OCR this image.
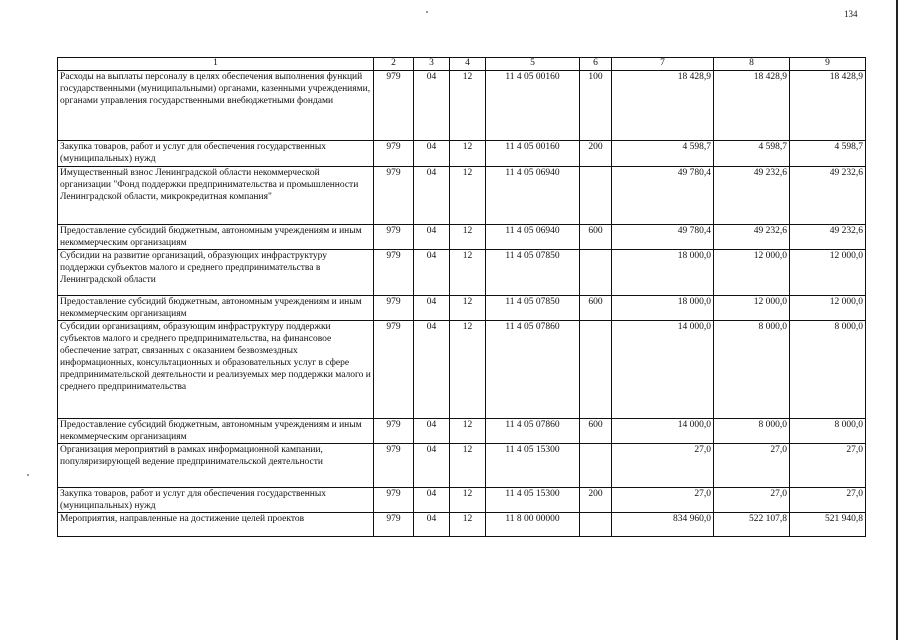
134
1	2	3	4	5	6	7	8	9
Расходы на выплаты персоналу в целях обеспечения выполнения функций государственными (муниципальными) органами, казенными учреждениями, органами управления государственными внебюджетными фондами	979	04	12	11 4 05 00160	100	18 428,9	18 428,9	18 428,9
Закупка товаров, работ и услуг для обеспечения государственных (муниципальных) нужд	979	04	12	11 4 05 00160	200	4 598,7	4 598,7	4 598,7
Имущественный взнос Ленинградской области некоммерческой организации "Фонд поддержки предпринимательства и промышленности Ленинградской области, микрокредитная компания"	979	04	12	11 4 05 06940		49 780,4	49 232,6	49 232,6
Предоставление субсидий бюджетным, автономным учреждениям и иным некоммерческим организациям	979	04	12	11 4 05 06940	600	49 780,4	49 232,6	49 232,6
Субсидии на развитие организаций, образующих инфраструктуру поддержки субъектов малого и среднего предпринимательства в Ленинградской области	979	04	12	11 4 05 07850		18 000,0	12 000,0	12 000,0
Предоставление субсидий бюджетным, автономным учреждениям и иным некоммерческим организациям	979	04	12	11 4 05 07850	600	18 000,0	12 000,0	12 000,0
Субсидии организациям, образующим инфраструктуру поддержки субъектов малого и среднего предпринимательства, на финансовое обеспечение затрат, связанных с оказанием безвозмездных информационных, консультационных и образовательных услуг в сфере предпринимательской деятельности и реализуемых мер поддержки малого и среднего предпринимательства	979	04	12	11 4 05 07860		14 000,0	8 000,0	8 000,0
Предоставление субсидий бюджетным, автономным учреждениям и иным некоммерческим организациям	979	04	12	11 4 05 07860	600	14 000,0	8 000,0	8 000,0
Организация мероприятий в рамках информационной кампании, популяризирующей ведение предпринимательской деятельности	979	04	12	11 4 05 15300		27,0	27,0	27,0
Закупка товаров, работ и услуг для обеспечения государственных (муниципальных) нужд	979	04	12	11 4 05 15300	200	27,0	27,0	27,0
Мероприятия, направленные на достижение целей проектов	979	04	12	11 8 00 00000		834 960,0	522 107,8	521 940,8
